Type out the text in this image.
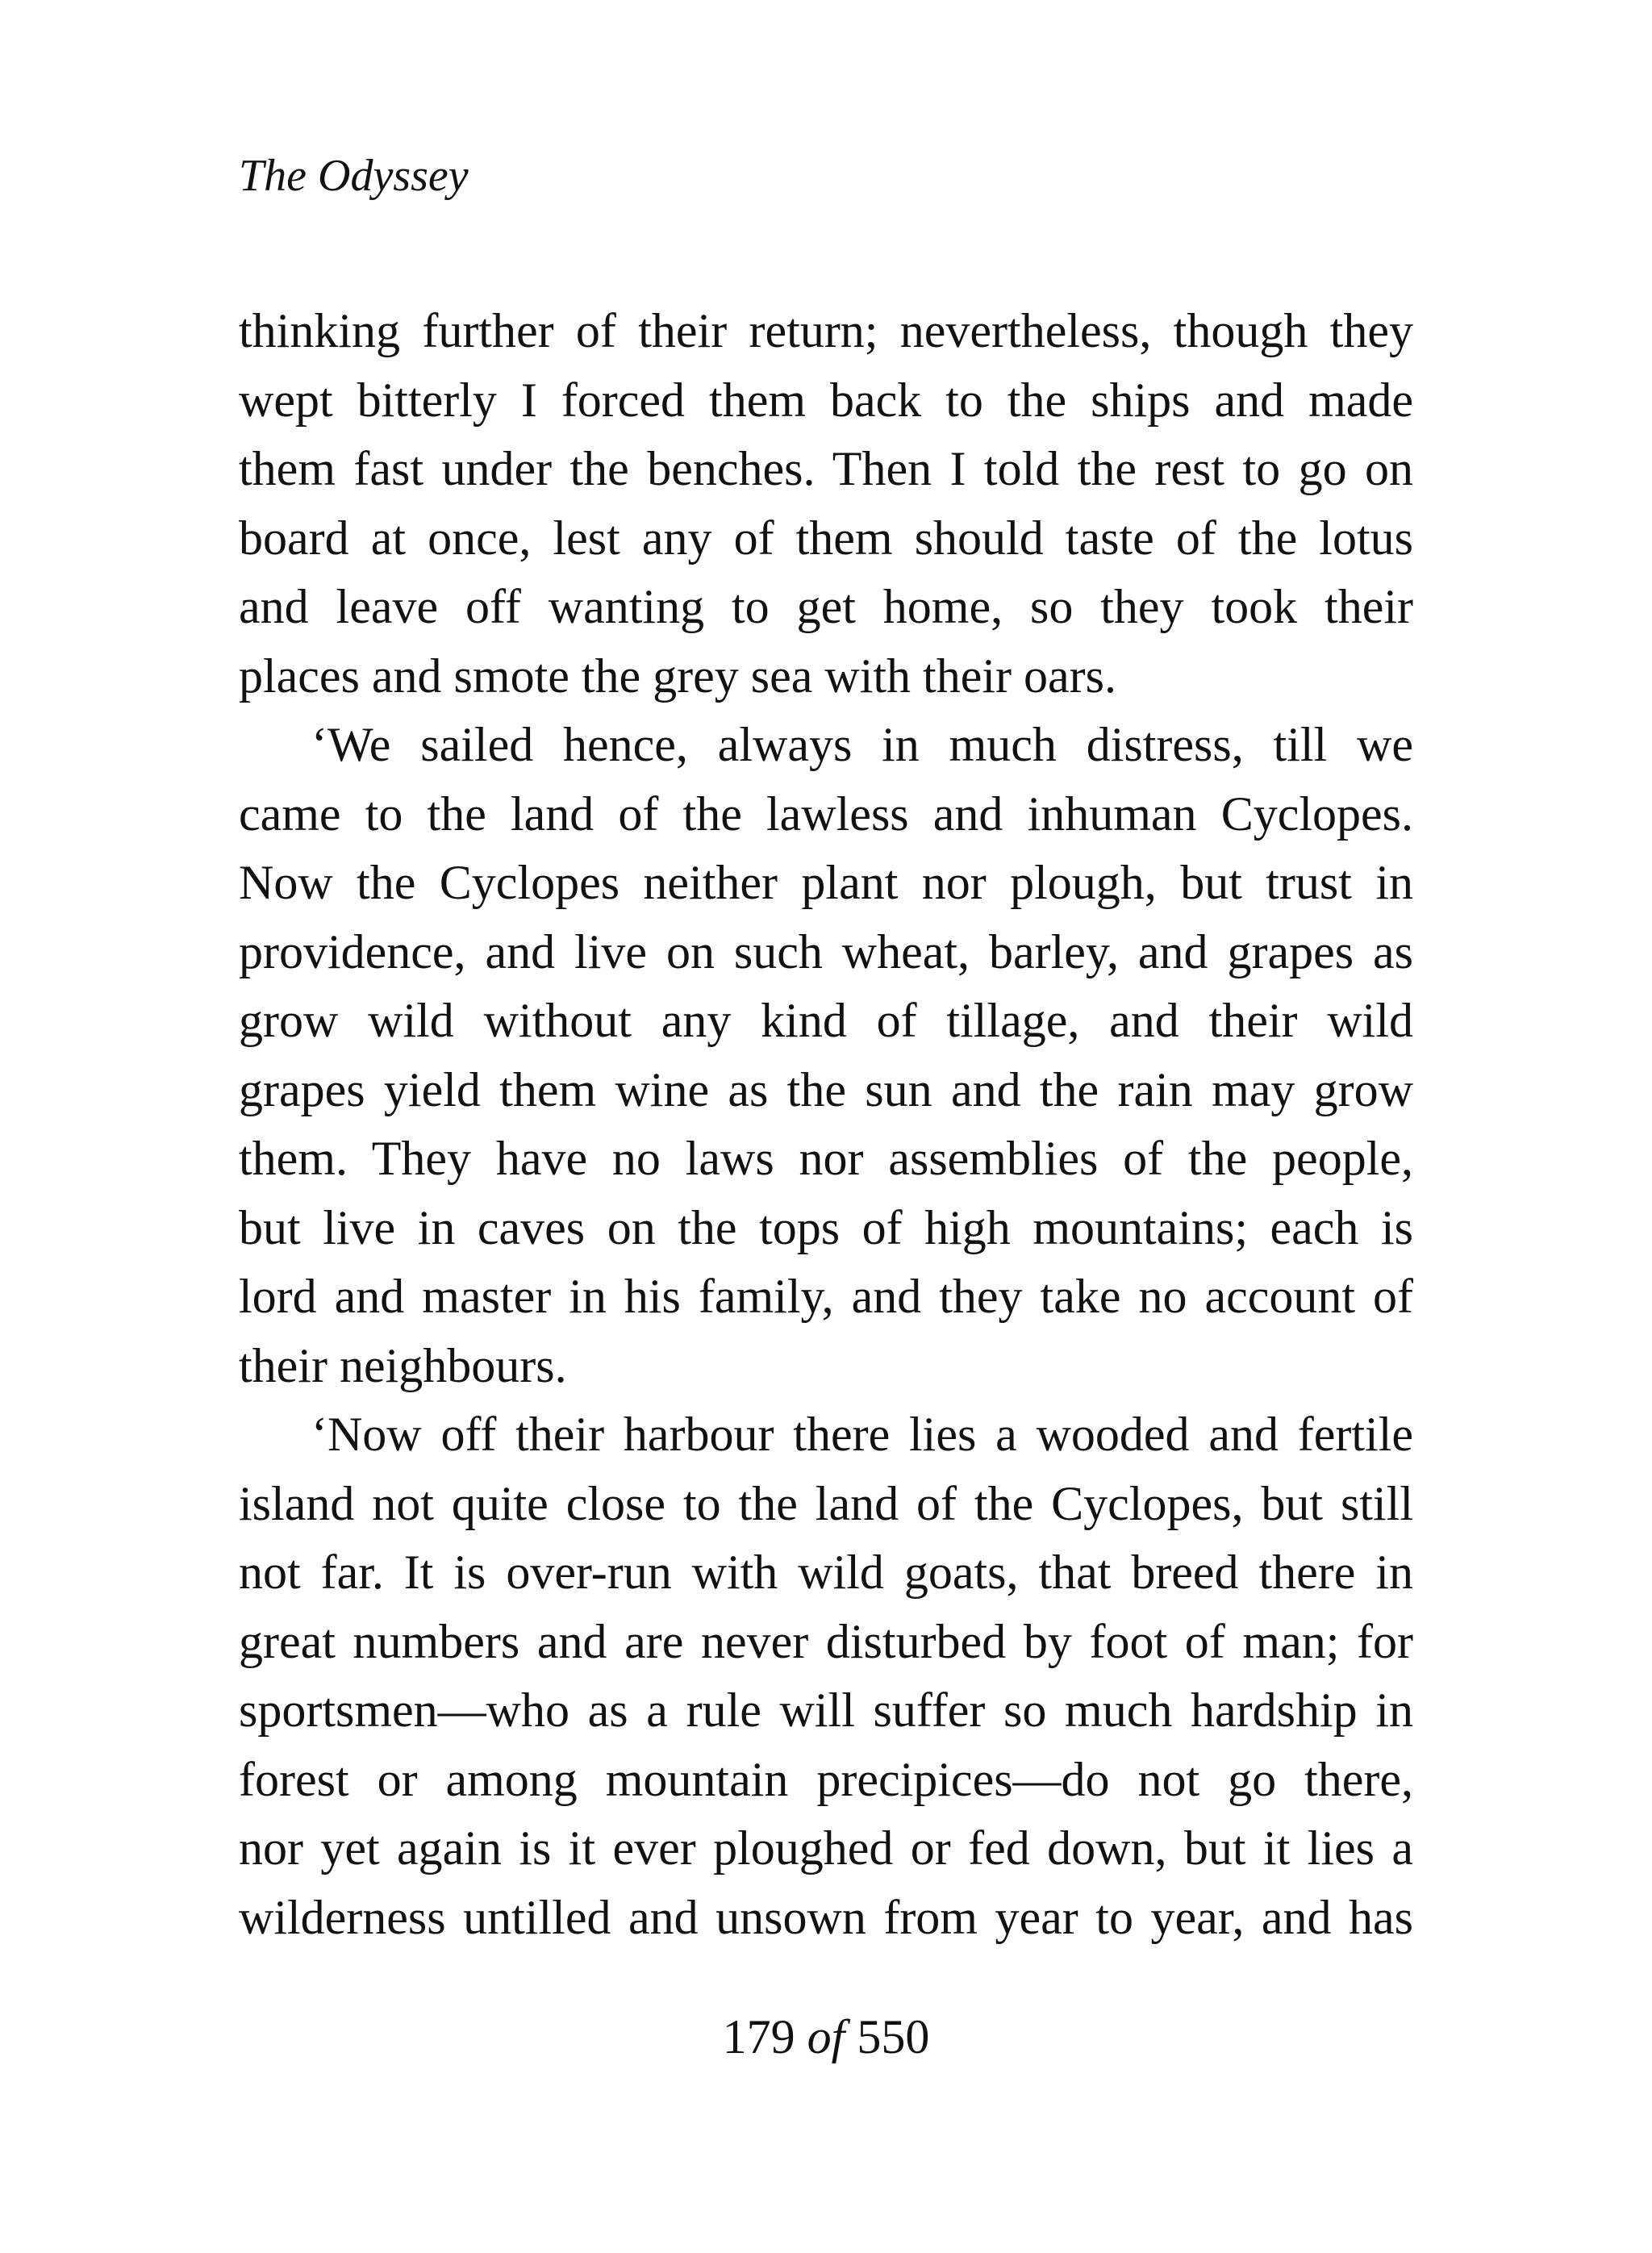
The Odyssey
thinking further of their return; nevertheless, though they
wept bitterly I forced them back to the ships and made
them fast under the benches. Then I told the rest to go on
board at once, lest any of them should taste of the lotus
and leave off wanting to get home, so they took their
places and smote the grey sea with their oars.
‘We sailed hence, always in much distress, till we
came to the land of the lawless and inhuman Cyclopes.
Now the Cyclopes neither plant nor plough, but trust in
providence, and live on such wheat, barley, and grapes as
grow wild without any kind of tillage, and their wild
grapes yield them wine as the sun and the rain may grow
them. They have no laws nor assemblies of the people,
but live in caves on the tops of high mountains; each is
lord and master in his family, and they take no account of
their neighbours.
‘Now off their harbour there lies a wooded and fertile
island not quite close to the land of the Cyclopes, but still
not far. It is over-run with wild goats, that breed there in
great numbers and are never disturbed by foot of man; for
sportsmen—who as a rule will suffer so much hardship in
forest or among mountain precipices—do not go there,
nor yet again is it ever ploughed or fed down, but it lies a
wilderness untilled and unsown from year to year, and has
179 of 550
